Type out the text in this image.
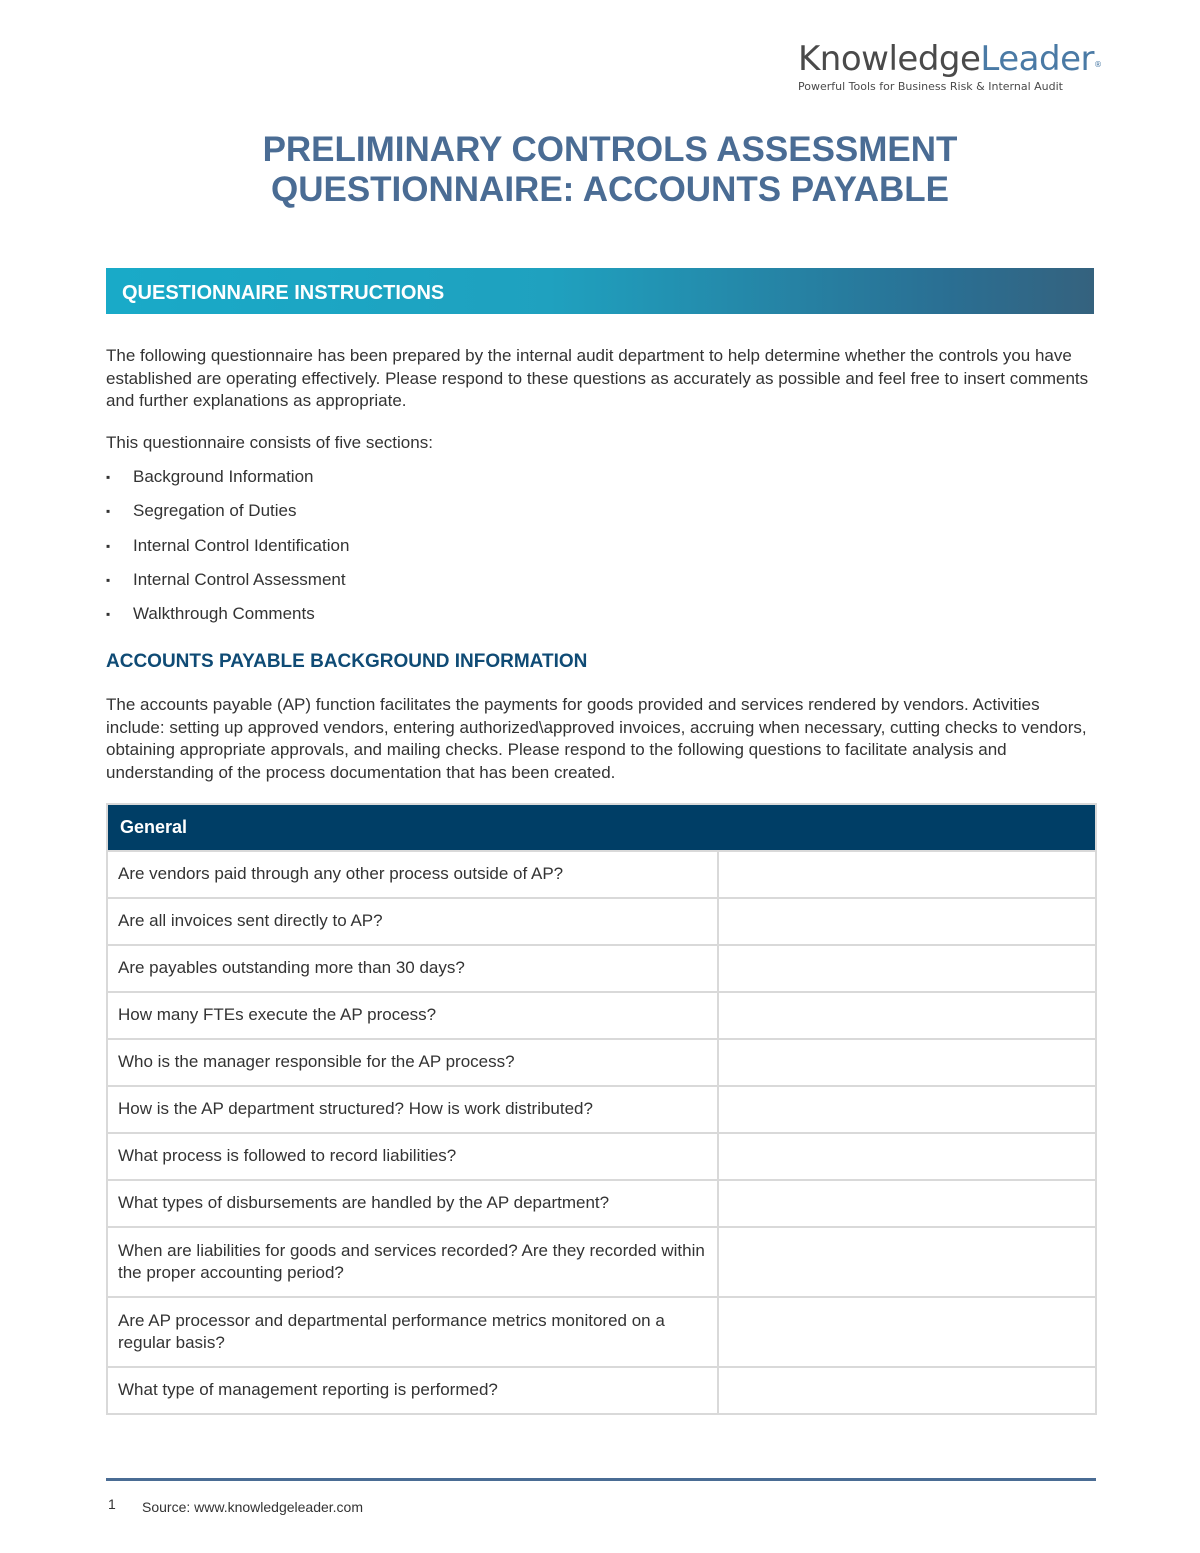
KnowledgeLeader®
Powerful Tools for Business Risk & Internal Audit
PRELIMINARY CONTROLS ASSESSMENT
QUESTIONNAIRE: ACCOUNTS PAYABLE
QUESTIONNAIRE INSTRUCTIONS

The following questionnaire has been prepared by the internal audit department to help determine whether the controls you have established are operating effectively. Please respond to these questions as accurately as possible and feel free to insert comments and further explanations as appropriate.

This questionnaire consists of five sections:

▪ Background Information
▪ Segregation of Duties
▪ Internal Control Identification
▪ Internal Control Assessment
▪ Walkthrough Comments
ACCOUNTS PAYABLE BACKGROUND INFORMATION

The accounts payable (AP) function facilitates the payments for goods provided and services rendered by vendors. Activities include: setting up approved vendors, entering authorized\approved invoices, accruing when necessary, cutting checks to vendors, obtaining appropriate approvals, and mailing checks. Please respond to the following questions to facilitate analysis and understanding of the process documentation that has been created.

General	
Are vendors paid through any other process outside of AP?	
Are all invoices sent directly to AP?	
Are payables outstanding more than 30 days?	
How many FTEs execute the AP process?	
Who is the manager responsible for the AP process?	
How is the AP department structured? How is work distributed?	
What process is followed to record liabilities?	
What types of disbursements are handled by the AP department?	
When are liabilities for goods and services recorded? Are they recorded within the proper accounting period?	
Are AP processor and departmental performance metrics monitored on a regular basis?	
What type of management reporting is performed?	
1 Source: www.knowledgeleader.com
